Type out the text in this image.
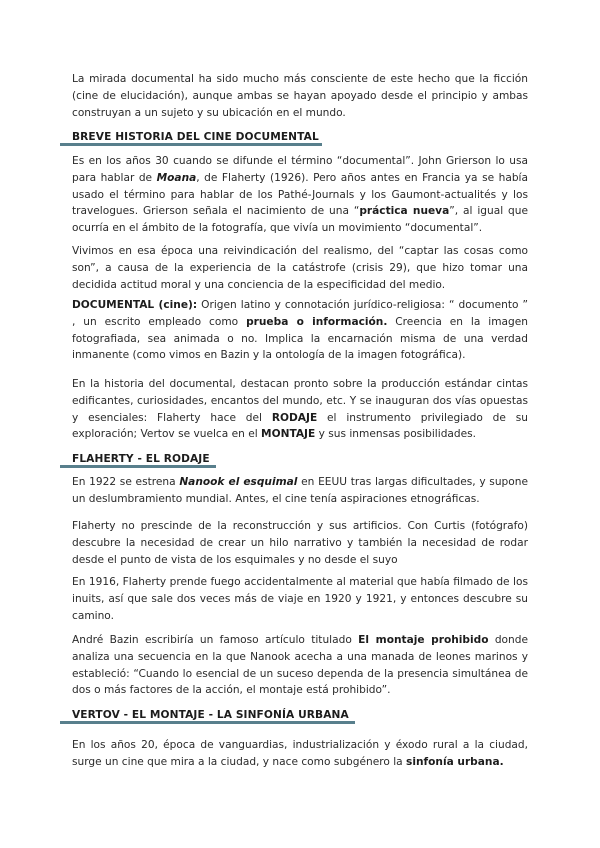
La mirada documental ha sido mucho más consciente de este hecho que la ficción (cine de elucidación), aunque ambas se hayan apoyado desde el principio y ambas construyan a un sujeto y su ubicación en el mundo.

BREVE HISTORIA DEL CINE DOCUMENTAL

Es en los años 30 cuando se difunde el término “documental”. John Grierson lo usa para hablar de Moana, de Flaherty (1926). Pero años antes en Francia ya se había usado el término para hablar de los Pathé-Journals y los Gaumont-actualités y los travelogues. Grierson señala el nacimiento de una “práctica nueva”, al igual que ocurría en el ámbito de la fotografía, que vivía un movimiento “documental”.

Vivimos en esa época una reivindicación del realismo, del “captar las cosas como son”, a causa de la experiencia de la catástrofe (crisis 29), que hizo tomar una decidida actitud moral y una conciencia de la especificidad del medio.

DOCUMENTAL (cine): Origen latino y connotación jurídico-religiosa: “ documento ” , un escrito empleado como prueba o información. Creencia en la imagen fotografiada, sea animada o no. Implica la encarnación misma de una verdad inmanente (como vimos en Bazin y la ontología de la imagen fotográfica).

En la historia del documental, destacan pronto sobre la producción estándar cintas edificantes, curiosidades, encantos del mundo, etc. Y se inauguran dos vías opuestas y esenciales: Flaherty hace del RODAJE el instrumento privilegiado de su exploración; Vertov se vuelca en el MONTAJE y sus inmensas posibilidades.

FLAHERTY - EL RODAJE

En 1922 se estrena Nanook el esquimal en EEUU tras largas dificultades, y supone un deslumbramiento mundial. Antes, el cine tenía aspiraciones etnográficas.

Flaherty no prescinde de la reconstrucción y sus artificios. Con Curtis (fotógrafo) descubre la necesidad de crear un hilo narrativo y también la necesidad de rodar desde el punto de vista de los esquimales y no desde el suyo

En 1916, Flaherty prende fuego accidentalmente al material que había filmado de los inuits, así que sale dos veces más de viaje en 1920 y 1921, y entonces descubre su camino.

André Bazin escribiría un famoso artículo titulado El montaje prohibido donde analiza una secuencia en la que Nanook acecha a una manada de leones marinos y estableció: “Cuando lo esencial de un suceso dependa de la presencia simultánea de dos o más factores de la acción, el montaje está prohibido”.

VERTOV - EL MONTAJE - LA SINFONÍA URBANA

En los años 20, época de vanguardias, industrialización y éxodo rural a la ciudad, surge un cine que mira a la ciudad, y nace como subgénero la sinfonía urbana.
